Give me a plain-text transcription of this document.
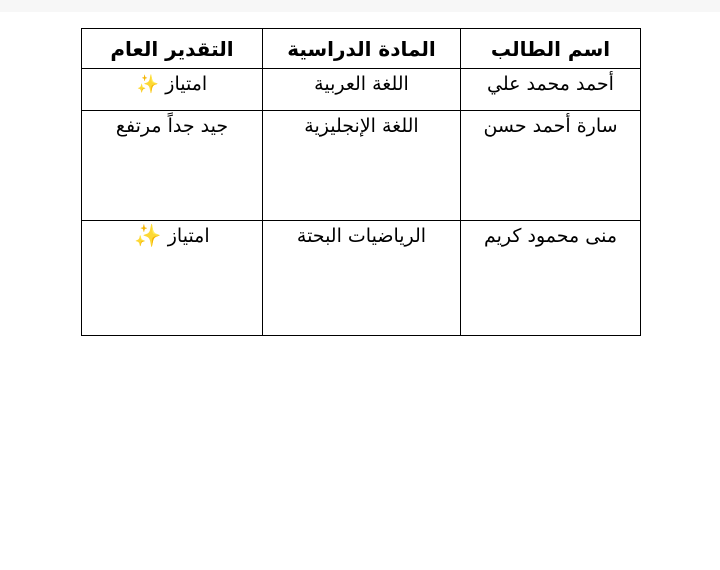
اسم الطالب	المادة الدراسية	التقدير العام
أحمد محمد علي	اللغة العربية	امتياز✨
سارة أحمد حسن	اللغة الإنجليزية	جيد جداً مرتفع
منى محمود كريم	الرياضيات البحتة	امتياز✨
